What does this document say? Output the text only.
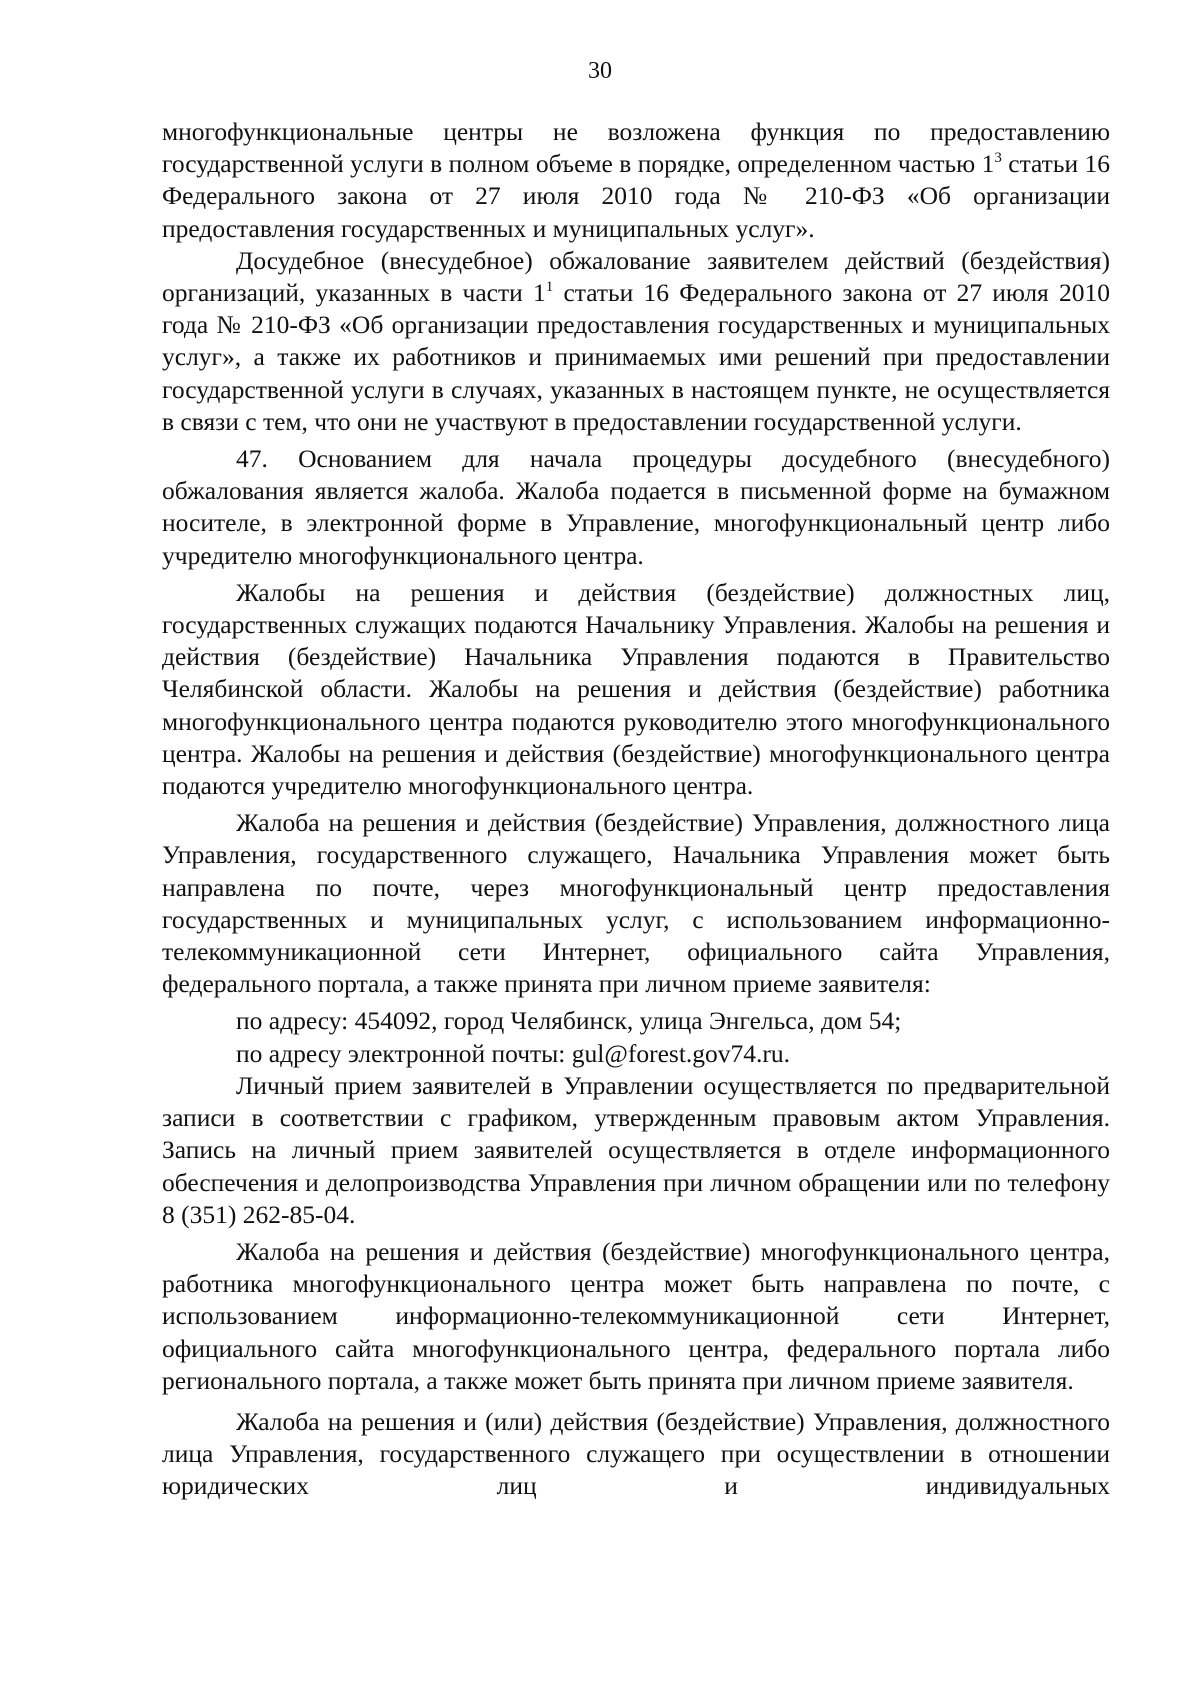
30

многофункциональные центры не возложена функция по предоставлению государственной услуги в полном объеме в порядке, определенном частью $1^3$ статьи 16 Федерального закона от 27 июля 2010 года № 210-ФЗ «Об организации предоставления государственных и муниципальных услуг».

Досудебное (внесудебное) обжалование заявителем действий (бездействия) организаций, указанных в части $1^1$ статьи 16 Федерального закона от 27 июля 2010 года № 210-ФЗ «Об организации предоставления государственных и муниципальных услуг», а также их работников и принимаемых ими решений при предоставлении государственной услуги в случаях, указанных в настоящем пункте, не осуществляется в связи с тем, что они не участвуют в предоставлении государственной услуги.

47. Основанием для начала процедуры досудебного (внесудебного) обжалования является жалоба. Жалоба подается в письменной форме на бумажном носителе, в электронной форме в Управление, многофункциональный центр либо учредителю многофункционального центра.

Жалобы на решения и действия (бездействие) должностных лиц, государственных служащих подаются Начальнику Управления. Жалобы на решения и действия (бездействие) Начальника Управления подаются в Правительство Челябинской области. Жалобы на решения и действия (бездействие) работника многофункционального центра подаются руководителю этого многофункционального центра. Жалобы на решения и действия (бездействие) многофункционального центра подаются учредителю многофункционального центра.

Жалоба на решения и действия (бездействие) Управления, должностного лица Управления, государственного служащего, Начальника Управления может быть направлена по почте, через многофункциональный центр предоставления государственных и муниципальных услуг, с использованием информационно-телекоммуникационной сети Интернет, официального сайта Управления, федерального портала, а также принята при личном приеме заявителя:

по адресу: 454092, город Челябинск, улица Энгельса, дом 54;

по адресу электронной почты: gul@forest.gov74.ru.

Личный прием заявителей в Управлении осуществляется по предварительной записи в соответствии с графиком, утвержденным правовым актом Управления. Запись на личный прием заявителей осуществляется в отделе информационного обеспечения и делопроизводства Управления при личном обращении или по телефону 8 (351) 262-85-04.

Жалоба на решения и действия (бездействие) многофункционального центра, работника многофункционального центра может быть направлена по почте, с использованием информационно-телекоммуникационной сети Интернет, официального сайта многофункционального центра, федерального портала либо регионального портала, а также может быть принята при личном приеме заявителя.

Жалоба на решения и (или) действия (бездействие) Управления, должностного лица Управления, государственного служащего при осуществлении в отношении юридических лиц и индивидуальных
